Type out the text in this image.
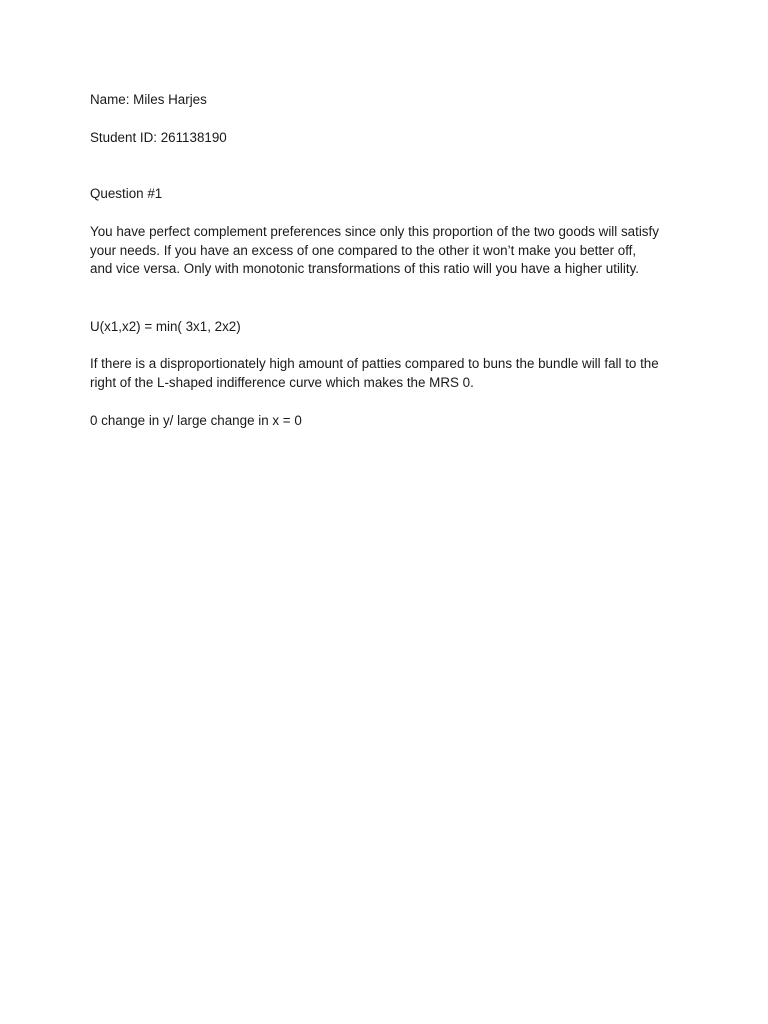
Name: Miles Harjes
Student ID: 261138190
Question #1
You have perfect complement preferences since only this proportion of the two goods will satisfy
your needs. If you have an excess of one compared to the other it won’t make you better off,
and vice versa. Only with monotonic transformations of this ratio will you have a higher utility.
U(x1,x2) = min( 3x1, 2x2)
If there is a disproportionately high amount of patties compared to buns the bundle will fall to the
right of the L-shaped indifference curve which makes the MRS 0.
0 change in y/ large change in x = 0
